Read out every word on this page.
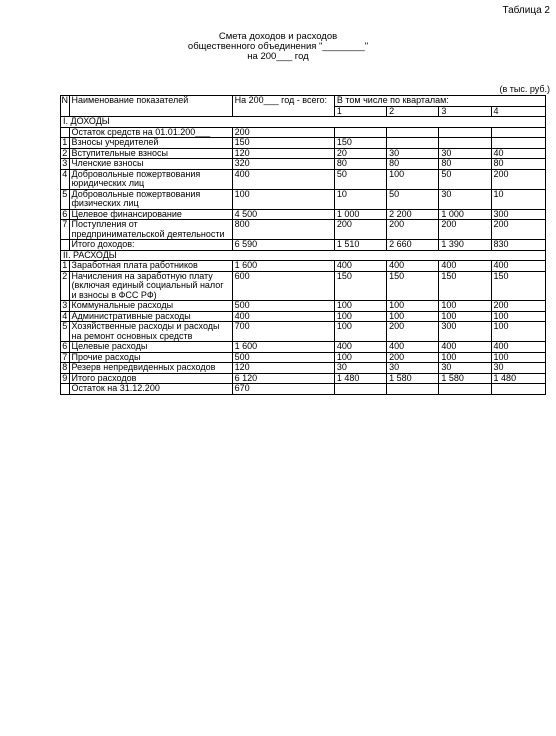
Таблица 2
Смета доходов и расходов
общественного объединения "________"
на 200___ год
(в тыс. руб.)
N	Наименование показателей	На 200___ год - всего:	В том числе по кварталам:			
			1	2	3	4
I. ДОХОДЫ						
	Остаток средств на 01.01.200___	200				
1	Взносы учредителей	150	150			
2	Вступительные взносы	120	20	30	30	40
3	Членские взносы	320	80	80	80	80
4	Добровольные пожертвования юридических лиц	400	50	100	50	200
5	Добровольные пожертвования физических лиц	100	10	50	30	10
6	Целевое финансирование	4 500	1 000	2 200	1 000	300
7	Поступления от предпринимательской деятельности	800	200	200	200	200
	Итого доходов:	6 590	1 510	2 660	1 390	830
II. РАСХОДЫ						
1	Заработная плата работников	1 600	400	400	400	400
2	Начисления на заработную плату (включая единый социальный налог и взносы в ФСС РФ)	600	150	150	150	150
3	Коммунальные расходы	500	100	100	100	200
4	Административные расходы	400	100	100	100	100
5	Хозяйственные расходы и расходы на ремонт основных средств	700	100	200	300	100
6	Целевые расходы	1 600	400	400	400	400
7	Прочие расходы	500	100	200	100	100
8	Резерв непредвиденных расходов	120	30	30	30	30
9	Итого расходов	6 120	1 480	1 580	1 580	1 480
	Остаток на 31.12.200	670				
